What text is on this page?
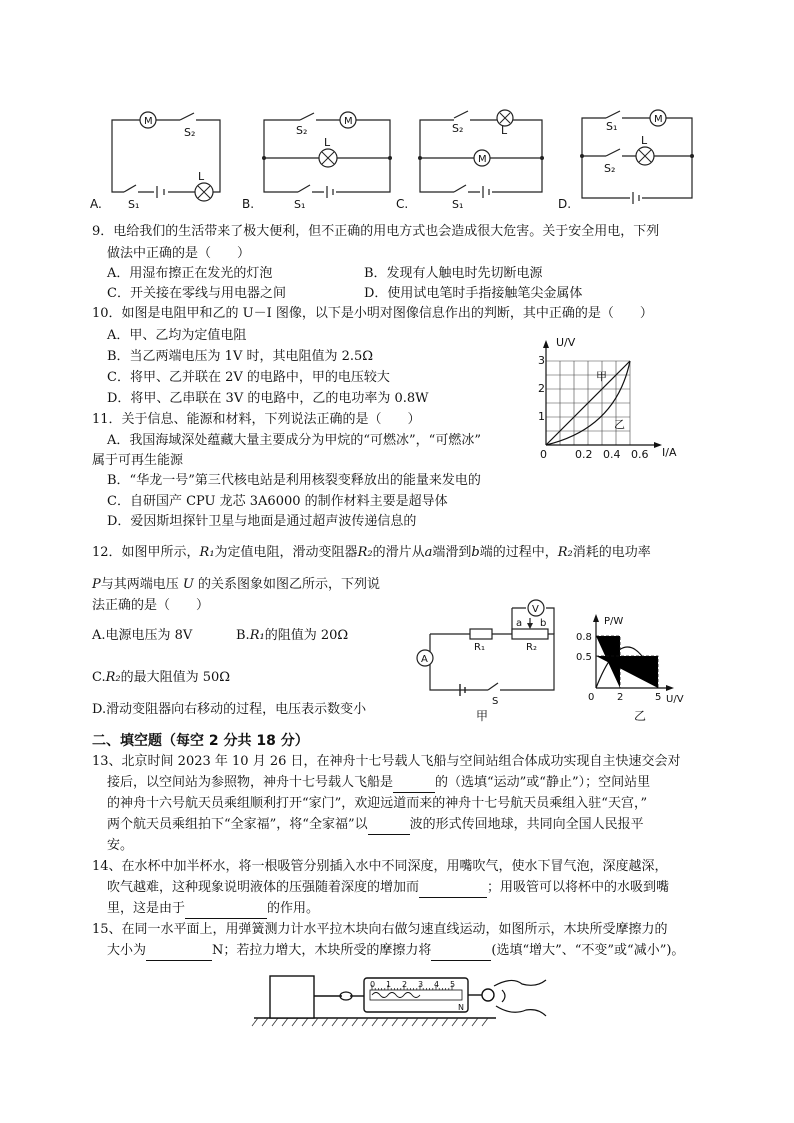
M
S₂
L
S₁
S₂
M
L
S₁
S₂	L
M
S₁
S₁
M
L
S₂
A.	B.	C.	D.
9．电给我们的生活带来了极大便利，但不正确的用电方式也会造成很大危害。关于安全用电，下列
做法中正确的是（　　）
A．用湿布擦正在发光的灯泡	B．发现有人触电时先切断电源
C．开关接在零线与用电器之间	D．使用试电笔时手指接触笔尖金属体
10．如图是电阻甲和乙的 U－I 图像，以下是小明对图像信息作出的判断，其中正确的是（　　）
A．甲、乙均为定值电阻
B．当乙两端电压为 1V 时，其电阻值为 2.5Ω
C．将甲、乙并联在 2V 的电路中，甲的电压较大
D．将甲、乙串联在 3V 的电路中，乙的电功率为 0.8W
U/V
I/A
3
2
1
0	0.2 0.4 0.6
甲
乙
11．关于信息、能源和材料，下列说法正确的是（　　）
A．我国海域深处蕴藏大量主要成分为甲烷的“可燃冰”，“可燃冰”
属于可再生能源
B．“华龙一号”第三代核电站是利用核裂变释放出的能量来发电的
C．自研国产 CPU 龙芯 3A6000 的制作材料主要是超导体
D．爱因斯坦探针卫星与地面是通过超声波传递信息的
12．如图甲所示，R₁为定值电阻，滑动变阻器R₂的滑片从a端滑到b端的过程中，R₂消耗的电功率
P与其两端电压 U 的关系图象如图乙所示，下列说
法正确的是（　　）
A.电源电压为 8V	B.R₁的阻值为 20Ω
C.R₂的最大阻值为 50Ω
D.滑动变阻器向右移动的过程，电压表示数变小
V
A
R₁	R₂
a b
S
甲
P/W
0.8
0.5
0 2	5 U/V
乙
二、填空题（每空 2 分共 18 分）
13、北京时间 2023 年 10 月 26 日，在神舟十七号载人飞船与空间站组合体成功实现自主快速交会对
接后，以空间站为参照物，神舟十七号载人飞船是	的（选填“运动”或“静止”）；空间站里
的神舟十六号航天员乘组顺利打开“家门”，欢迎远道而来的神舟十七号航天员乘组入驻“天宫，”
两个航天员乘组拍下“全家福”，将“全家福”以	波的形式传回地球，共同向全国人民报平
安。
14、在水杯中加半杯水，将一根吸管分别插入水中不同深度，用嘴吹气，使水下冒气泡，深度越深，
吹气越难，这种现象说明液体的压强随着深度的增加而	；用吸管可以将杯中的水吸到嘴
里，这是由于	的作用。
15、在同一水平面上，用弹簧测力计水平拉木块向右做匀速直线运动，如图所示，木块所受摩擦力的
大小为	N；若拉力增大，木块所受的摩擦力将	(选填“增大”、“不变”或“减小”)。
0 1 2 3 4 5
N
